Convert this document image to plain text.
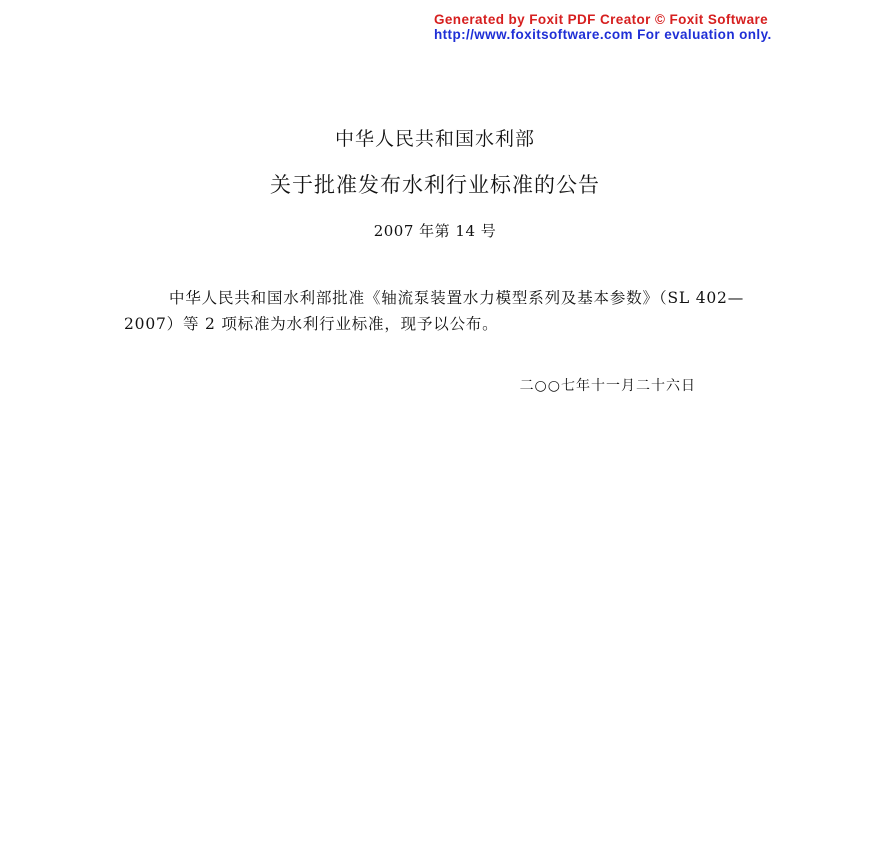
Generated by Foxit PDF Creator © Foxit Software
http://www.foxitsoftware.com For evaluation only.
中华人民共和国水利部
关于批准发布水利行业标准的公告
2007 年第 14 号
中华人民共和国水利部批准《轴流泵装置水力模型系列及基本参数》（SL 402—2007）等 2 项标准为水利行业标准，现予以公布。
二○○七年十一月二十六日
